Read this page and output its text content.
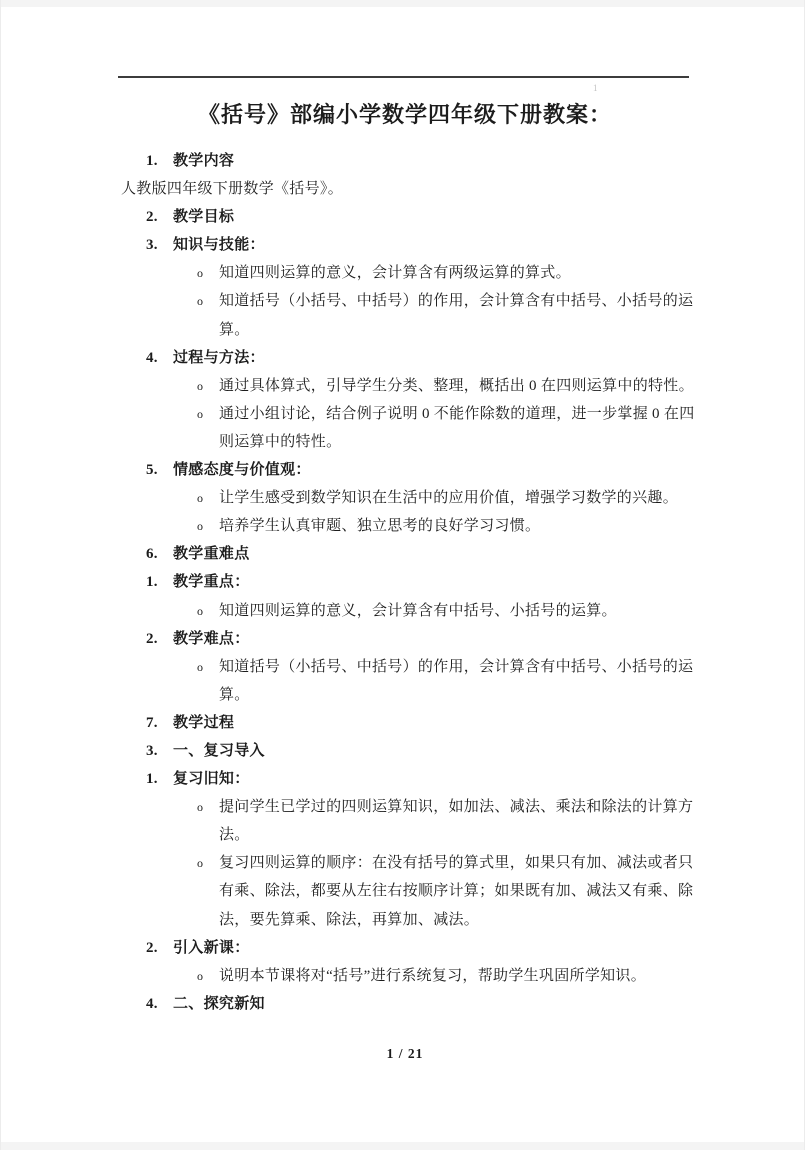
1
《括号》部编小学数学四年级下册教案：
1. 教学内容
人教版四年级下册数学《括号》。
2. 教学目标
3. 知识与技能：
o 知道四则运算的意义，会计算含有两级运算的算式。
o 知道括号（小括号、中括号）的作用，会计算含有中括号、小括号的运
算。
4. 过程与方法：
o 通过具体算式，引导学生分类、整理，概括出 0 在四则运算中的特性。
o 通过小组讨论，结合例子说明 0 不能作除数的道理，进一步掌握 0 在四
则运算中的特性。
5. 情感态度与价值观：
o 让学生感受到数学知识在生活中的应用价值，增强学习数学的兴趣。
o 培养学生认真审题、独立思考的良好学习习惯。
6. 教学重难点
1. 教学重点：
o 知道四则运算的意义，会计算含有中括号、小括号的运算。
2. 教学难点：
o 知道括号（小括号、中括号）的作用，会计算含有中括号、小括号的运
算。
7. 教学过程
3. 一、复习导入
1. 复习旧知：
o 提问学生已学过的四则运算知识，如加法、减法、乘法和除法的计算方
法。
o 复习四则运算的顺序：在没有括号的算式里，如果只有加、减法或者只
有乘、除法，都要从左往右按顺序计算；如果既有加、减法又有乘、除
法，要先算乘、除法，再算加、减法。
2. 引入新课：
o 说明本节课将对“括号”进行系统复习，帮助学生巩固所学知识。
4. 二、探究新知
1 / 21
